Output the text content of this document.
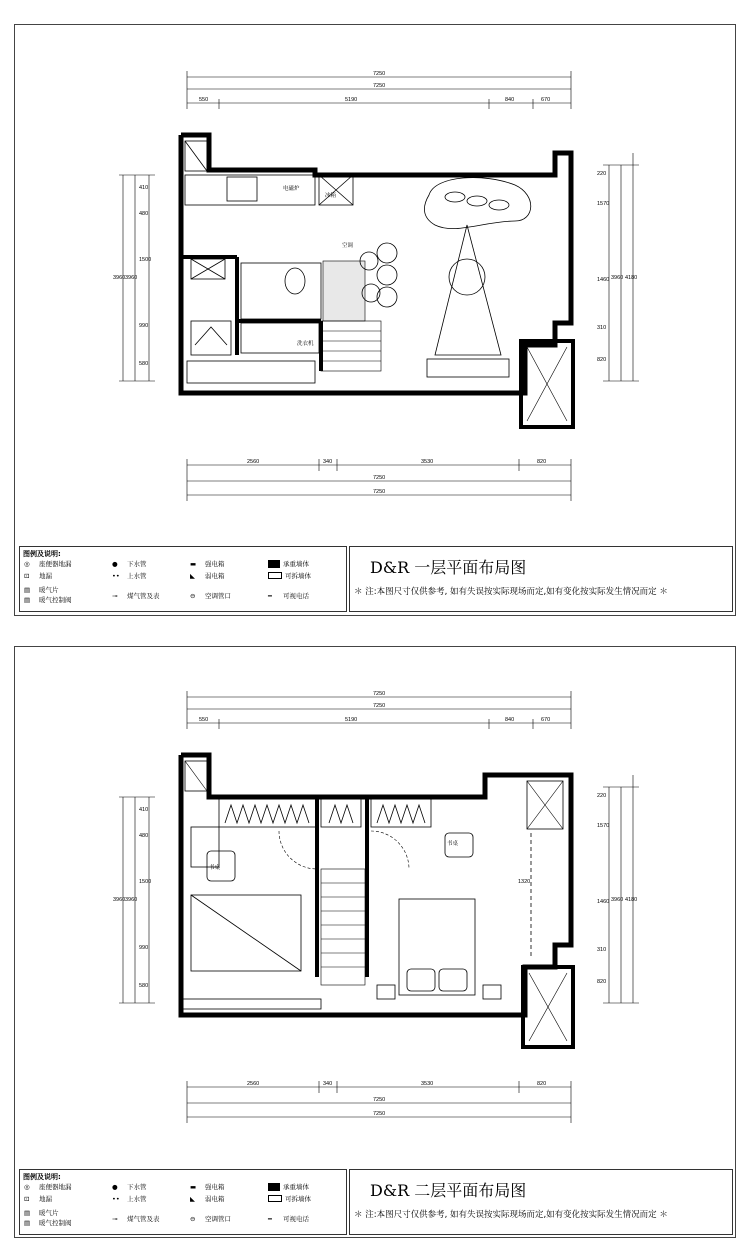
7250
7250
550	5190	840	670
电磁炉
冰箱
洗衣机
空调
3960 3960
410
480
1500
990
580
220
1570
1460
310
820
3960 4180
2560	340	3530	820
7250
7250
图例及说明:
◎	座便器地漏
⊡	地漏
▤	暖气片
▤	暖气控制阀
●	下水管
••	上水管
⊸	煤气管及表
▬	强电箱
◣	弱电箱
⊖	空调管口
承重墙体
可拆墙体
━	可视电话
D&R 一层平面布局图
＊ 注:本图尺寸仅供参考, 如有失误按实际现场而定,如有变化按实际发生情况而定 ＊
7250
7250
550	5190	840	670
书桌
书桌
1320
3960 3960
410
480
1500
990
580
220
1570
1460
310
820
3960 4180
2560	340	3530	820
7250
7250
图例及说明:
◎	座便器地漏
⊡	地漏
▤	暖气片
▤	暖气控制阀
●	下水管
••	上水管
⊸	煤气管及表
▬	强电箱
◣	弱电箱
⊖	空调管口
承重墙体
可拆墙体
━	可视电话
D&R 二层平面布局图
＊ 注:本图尺寸仅供参考, 如有失误按实际现场而定,如有变化按实际发生情况而定 ＊
